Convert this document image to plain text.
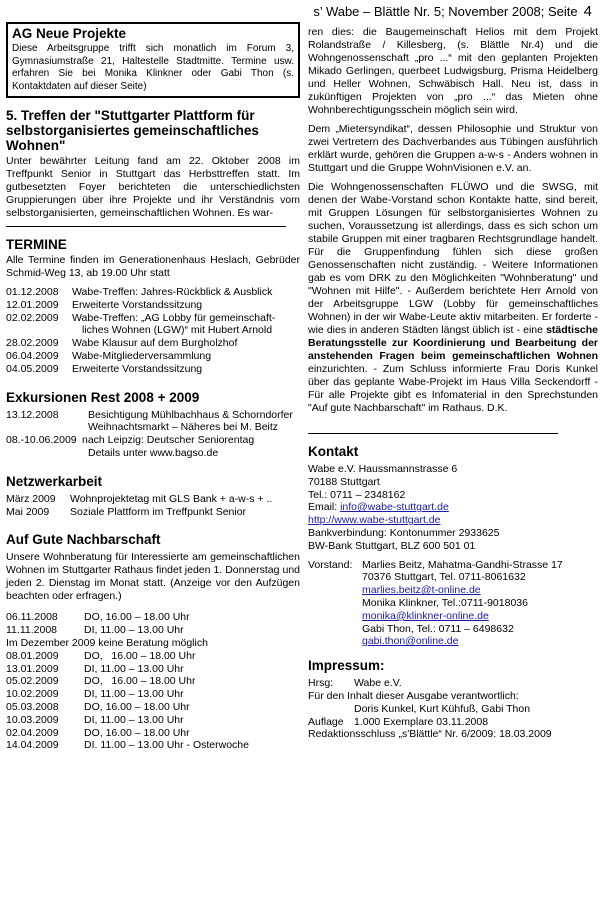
s’ Wabe – Blättle Nr. 5; November 2008; Seite 4
AG Neue Projekte
Diese Arbeitsgruppe trifft sich monatlich im Forum 3, Gymnasiumstraße 21, Haltestelle Stadtmitte. Termine usw. erfahren Sie bei Monika Klinkner oder Gabi Thon (s. Kontaktdaten auf dieser Seite)
5. Treffen der "Stuttgarter Plattform für selbstorganisiertes gemeinschaftliches Wohnen"

Unter bewährter Leitung fand am 22. Oktober 2008 im Treffpunkt Senior in Stuttgart das Herbsttreffen statt. Im gutbesetzten Foyer berichteten die unterschiedlichsten Gruppierungen über ihre Projekte und ihr Verständnis vom selbstorganisierten, gemeinschaftlichen Wohnen. Es war-

TERMINE

Alle Termine finden im Generationenhaus Heslach, Gebrüder Schmid-Weg 13, ab 19.00 Uhr statt

01.12.2008	Wabe-Treffen: Jahres-Rückblick & Ausblick
12.01.2009	Erweiterte Vorstandssitzung
02.02.2009	Wabe-Treffen: „AG Lobby für gemeinschaft-
liches Wohnen (LGW)“ mit Hubert Arnold
28.02.2009	Wabe Klausur auf dem Burgholzhof
06.04.2009	Wabe-Mitgliederversammlung
04.05.2009	Erweiterte Vorstandssitzung
Exkursionen Rest 2008 + 2009
13.12.2008	Besichtigung Mühlbachhaus & Schorndorfer
Weihnachtsmarkt – Näheres bei M. Beitz
08.-10.06.2009 nach Leipzig: Deutscher Seniorentag
Details unter www.bagso.de
Netzwerkarbeit
März 2009	Wohnprojektetag mit GLS Bank + a-w-s + ..
Mai 2009	Soziale Plattform im Treffpunkt Senior
Auf Gute Nachbarschaft

Unsere Wohnberatung für Interessierte am gemeinschaftlichen Wohnen im Stuttgarter Rathaus findet jeden 1. Donnerstag und jeden 2. Dienstag im Monat statt. (Anzeige vor den Aufzügen beachten oder erfragen.)

06.11.2008	DO, 16.00 – 18.00 Uhr
11.11.2008	DI, 11.00 – 13.00 Uhr
Im Dezember 2009 keine Beratung möglich
08.01.2009	DO,   16.00 – 18.00 Uhr
13.01.2009	DI, 11.00 – 13.00 Uhr
05.02.2009	DO,   16.00 – 18.00 Uhr
10.02.2009	DI, 11.00 – 13.00 Uhr
05.03.2008	DO, 16.00 – 18.00 Uhr
10.03.2009	DI, 11.00 – 13.00 Uhr
02.04.2009	DO, 16.00 – 18.00 Uhr
14.04.2009	DI. 11.00 – 13.00 Uhr - Osterwoche

ren dies: die Baugemeinschaft Helios mit dem Projekt Rolandstraße / Killesberg, (s. Blättle Nr.4) und die Wohngenossenschaft „pro ...“ mit den geplanten Projekten Mikado Gerlingen, querbeet Ludwigsburg, Prisma Heidelberg und Heller Wohnen, Schwäbisch Hall. Neu ist, dass in zukünftigen Projekten von „pro ...“ das Mieten ohne Wohnberechtigungsschein möglich sein wird.

Dem „Mietersyndikat“, dessen Philosophie und Struktur von zwei Vertretern des Dachverbandes aus Tübingen ausführlich erklärt wurde, gehören die Gruppen a-w-s - Anders wohnen in Stuttgart und die Gruppe WohnVisionen e.V. an.

Die Wohngenossenschaften FLÜWO und die SWSG, mit denen der Wabe-Vorstand schon Kontakte hatte, sind bereit, mit Gruppen Lösungen für selbstorganisiertes Wohnen zu suchen, Voraussetzung ist allerdings, dass es sich schon um stabile Gruppen mit einer tragbaren Rechtsgrundlage handelt. Für die Gruppenfindung fühlen sich diese großen Genossenschaften nicht zuständig. - Weitere Informationen gab es vom DRK zu den Möglichkeiten "Wohnberatung" und "Wohnen mit Hilfe". - Außerdem berichtete Herr Arnold von der Arbeitsgruppe LGW (Lobby für gemeinschaftliches Wohnen) in der wir Wabe-Leute aktiv mitarbeiten. Er forderte - wie dies in anderen Städten längst üblich ist - eine städtische Beratungsstelle zur Koordinierung und Bearbeitung der anstehenden Fragen beim gemeinschaftlichen Wohnen einzurichten. - Zum Schluss informierte Frau Doris Kunkel über das geplante Wabe-Projekt im Haus Villa Seckendorff - Für alle Projekte gibt es Infomaterial in den Sprechstunden "Auf gute Nachbarschaft" im Rathaus. D.K.

Kontakt
Wabe e.V. Haussmannstrasse 6
70188 Stuttgart
Tel.: 0711 – 2348162
Email: info@wabe-stuttgart.de
http://www.wabe-stuttgart.de
Bankverbindung: Kontonummer 2933625
BW-Bank Stuttgart, BLZ 600 501 01
Vorstand: Marlies Beitz, Mahatma-Gandhi-Strasse 17
70376 Stuttgart, Tel. 0711-8061632
marlies.beitz@t-online.de
Monika Klinkner, Tel.:0711-9018036
monika@klinkner-online.de
Gabi Thon, Tel.: 0711 – 6498632
gabi.thon@online.de
Impressum:
Hrsg:	Wabe e.V.
Für den Inhalt dieser Ausgabe verantwortlich:
Doris Kunkel, Kurt Kühfuß, Gabi Thon
Auflage 1.000 Exemplare 03.11.2008
Redaktionsschluss „s'Blättle“ Nr. 6/2009: 18.03.2009
